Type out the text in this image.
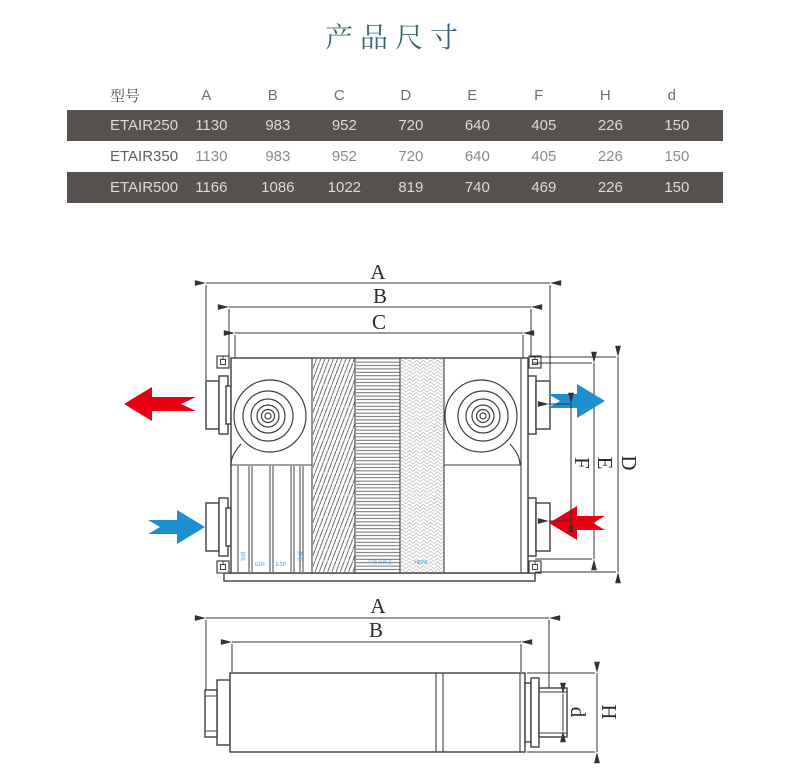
产品尺寸
型号	A	B	C	D	E	F	H	d
ETAIR250	1130	983	952	720	640	405	226	150
ETAIR350	1130	983	952	720	640	405	226	150
ETAIR500	1166	1086	1022	819	740	469	226	150
初效
GDF ESP
静电
全热交换芯	HEPA
A
B
C
F E D
A
B
d H
